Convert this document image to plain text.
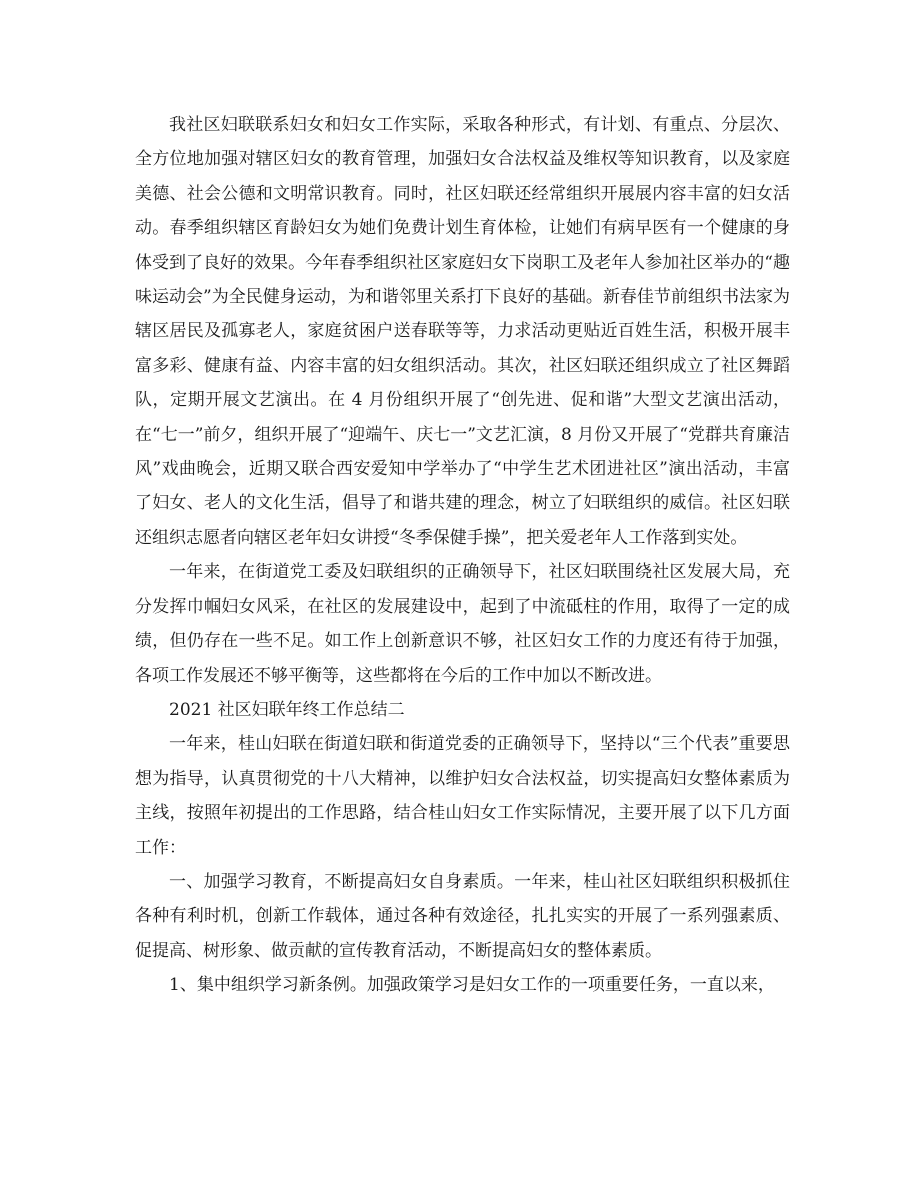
我社区妇联联系妇女和妇女工作实际，采取各种形式，有计划、有重点、分层次、全方位地加强对辖区妇女的教育管理，加强妇女合法权益及维权等知识教育，以及家庭美德、社会公德和文明常识教育。同时，社区妇联还经常组织开展展内容丰富的妇女活动。春季组织辖区育龄妇女为她们免费计划生育体检，让她们有病早医有一个健康的身体受到了良好的效果。今年春季组织社区家庭妇女下岗职工及老年人参加社区举办的“趣味运动会”为全民健身运动，为和谐邻里关系打下良好的基础。新春佳节前组织书法家为辖区居民及孤寡老人，家庭贫困户送春联等等，力求活动更贴近百姓生活，积极开展丰富多彩、健康有益、内容丰富的妇女组织活动。其次，社区妇联还组织成立了社区舞蹈队，定期开展文艺演出。在 4 月份组织开展了“创先进、促和谐”大型文艺演出活动，在“七一”前夕，组织开展了“迎端午、庆七一”文艺汇演，8 月份又开展了“党群共育廉洁风”戏曲晚会，近期又联合西安爱知中学举办了“中学生艺术团进社区”演出活动，丰富了妇女、老人的文化生活，倡导了和谐共建的理念，树立了妇联组织的威信。社区妇联还组织志愿者向辖区老年妇女讲授“冬季保健手操”，把关爱老年人工作落到实处。

一年来，在街道党工委及妇联组织的正确领导下，社区妇联围绕社区发展大局，充分发挥巾帼妇女风采，在社区的发展建设中，起到了中流砥柱的作用，取得了一定的成绩，但仍存在一些不足。如工作上创新意识不够，社区妇女工作的力度还有待于加强，各项工作发展还不够平衡等，这些都将在今后的工作中加以不断改进。

2021 社区妇联年终工作总结二

一年来，桂山妇联在街道妇联和街道党委的正确领导下，坚持以“三个代表”重要思想为指导，认真贯彻党的十八大精神，以维护妇女合法权益，切实提高妇女整体素质为主线，按照年初提出的工作思路，结合桂山妇女工作实际情况，主要开展了以下几方面工作：

一、加强学习教育，不断提高妇女自身素质。一年来，桂山社区妇联组织积极抓住各种有利时机，创新工作载体，通过各种有效途径，扎扎实实的开展了一系列强素质、促提高、树形象、做贡献的宣传教育活动，不断提高妇女的整体素质。

1、集中组织学习新条例。加强政策学习是妇女工作的一项重要任务，一直以来，
